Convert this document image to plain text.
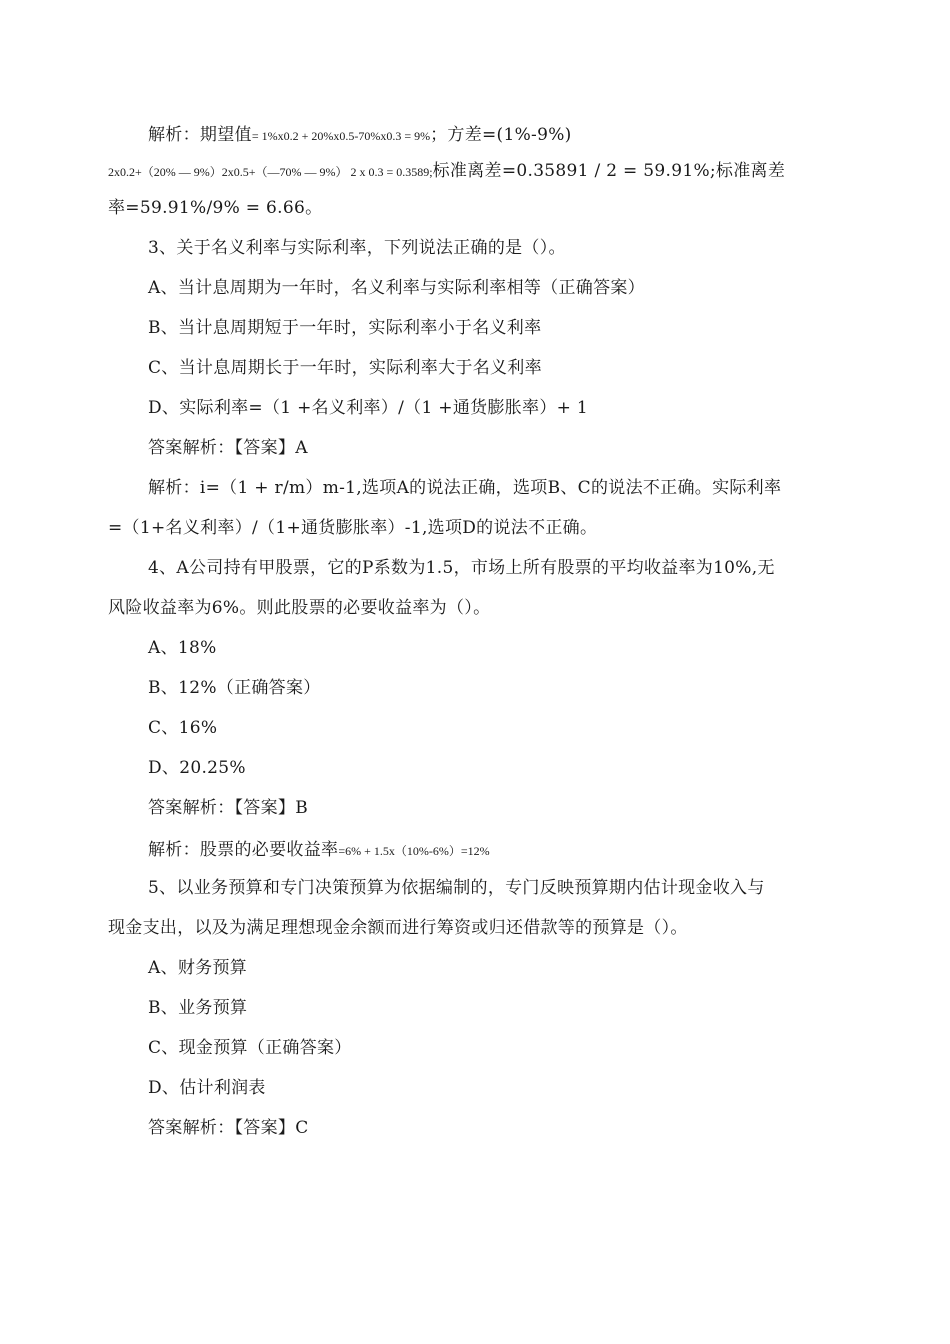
解析：期望值= 1%x0.2 + 20%x0.5-70%x0.3 = 9%；方差=(1%-9%)
2x0.2+（20% — 9%）2x0.5+（—70% — 9%） 2 x 0.3 = 0.3589;标准离差=0.35891 / 2 = 59.91%;标准离差
率=59.91%/9% = 6.66。
3、关于名义利率与实际利率，下列说法正确的是（）。
A、当计息周期为一年时，名义利率与实际利率相等（正确答案）
B、当计息周期短于一年时，实际利率小于名义利率
C、当计息周期长于一年时，实际利率大于名义利率
D、实际利率=（1 +名义利率）/（1 +通货膨胀率）+ 1
答案解析：【答案】A
解析：i=（1 + r/m）m-1,选项A的说法正确，选项B、C的说法不正确。实际利率
=（1+名义利率）/（1+通货膨胀率）-1,选项D的说法不正确。
4、A公司持有甲股票，它的P系数为1.5，市场上所有股票的平均收益率为10%,无
风险收益率为6%。则此股票的必要收益率为（）。
A、18%
B、12%（正确答案）
C、16%
D、20.25%
答案解析：【答案】B
解析：股票的必要收益率=6% + 1.5x（10%-6%）=12%
5、以业务预算和专门决策预算为依据编制的，专门反映预算期内估计现金收入与
现金支出，以及为满足理想现金余额而进行筹资或归还借款等的预算是（）。
A、财务预算
B、业务预算
C、现金预算（正确答案）
D、估计利润表
答案解析：【答案】C
